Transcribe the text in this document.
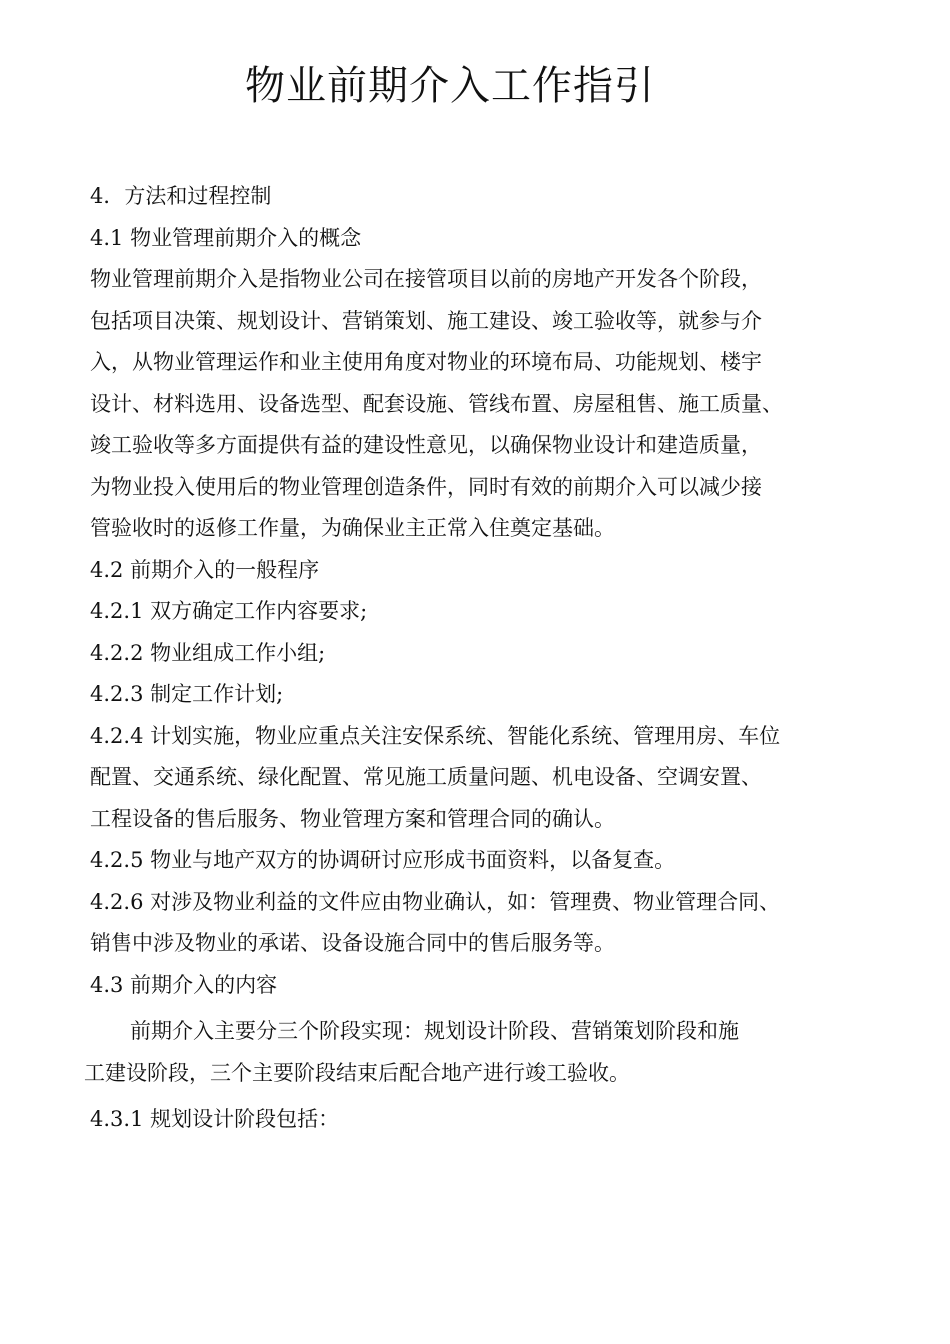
物业前期介入工作指引
4．方法和过程控制
4.1 物业管理前期介入的概念
物业管理前期介入是指物业公司在接管项目以前的房地产开发各个阶段，
包括项目决策、规划设计、营销策划、施工建设、竣工验收等，就参与介
入，从物业管理运作和业主使用角度对物业的环境布局、功能规划、楼宇
设计、材料选用、设备选型、配套设施、管线布置、房屋租售、施工质量、
竣工验收等多方面提供有益的建设性意见，以确保物业设计和建造质量，
为物业投入使用后的物业管理创造条件，同时有效的前期介入可以减少接
管验收时的返修工作量，为确保业主正常入住奠定基础。
4.2 前期介入的一般程序
4.2.1 双方确定工作内容要求;
4.2.2 物业组成工作小组;
4.2.3 制定工作计划;
4.2.4 计划实施，物业应重点关注安保系统、智能化系统、管理用房、车位
配置、交通系统、绿化配置、常见施工质量问题、机电设备、空调安置、
工程设备的售后服务、物业管理方案和管理合同的确认。
4.2.5 物业与地产双方的协调研讨应形成书面资料，以备复查。
4.2.6 对涉及物业利益的文件应由物业确认，如：管理费、物业管理合同、
销售中涉及物业的承诺、设备设施合同中的售后服务等。
4.3 前期介入的内容
前期介入主要分三个阶段实现：规划设计阶段、营销策划阶段和施
工建设阶段，三个主要阶段结束后配合地产进行竣工验收。
4.3.1 规划设计阶段包括：
